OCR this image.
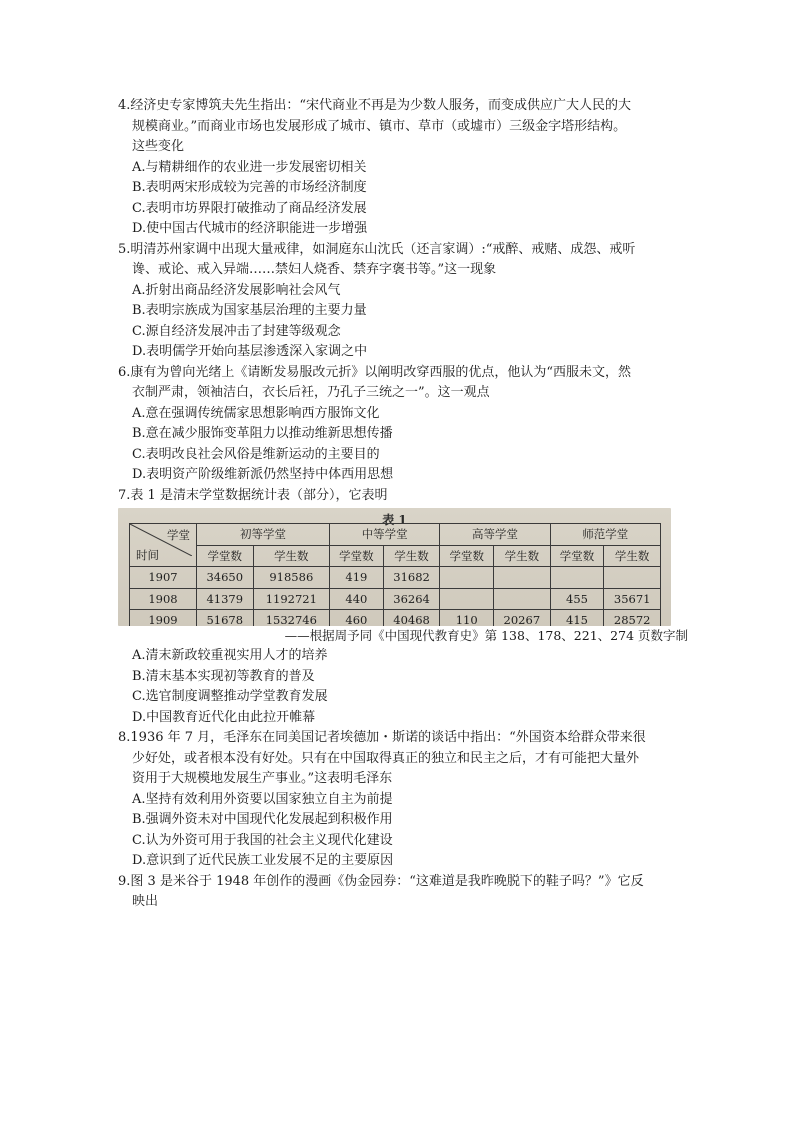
4.经济史专家博筑夫先生指出：“宋代商业不再是为少数人服务，而变成供应广大人民的大
规模商业。”而商业市场也发展形成了城市、镇市、草市（或墟市）三级金字塔形结构。
这些变化

A.与精耕细作的农业进一步发展密切相关
B.表明两宋形成较为完善的市场经济制度
C.表明市坊界限打破推动了商品经济发展
D.使中国古代城市的经济职能进一步增强

5.明清苏州家调中出现大量戒律，如洞庭东山沈氏（还言家调）:“戒醉、戒赌、成怨、戒听
谗、戒论、戒入异端……禁妇人烧香、禁弃字褒书等。”这一现象

A.折射出商品经济发展影响社会风气
B.表明宗族成为国家基层治理的主要力量
C.源自经济发展冲击了封建等级观念
D.表明儒学开始向基层渗透深入家调之中

6.康有为曾向光绪上《请断发易服改元折》以阐明改穿西服的优点，他认为“西服未文，然
衣制严肃，领袖洁白，衣长后衽，乃孔子三统之一”。这一观点

A.意在强调传统儒家思想影响西方服饰文化
B.意在减少服饰变革阻力以推动维新思想传播
C.表明改良社会风俗是维新运动的主要目的
D.表明资产阶级维新派仍然坚持中体西用思想

7.表 1 是清末学堂数据统计表（部分），它表明

表 1
学堂
时间	初等学堂		中等学堂		高等学堂		师范学堂	
	学堂数	学生数	学堂数	学生数	学堂数	学生数	学堂数	学生数
1907	34650	918586	419	31682				
1908	41379	1192721	440	36264			455	35671
1909	51678	1532746	460	40468	110	20267	415	28572
——根据周予同《中国现代教育史》第 138、178、221、274 页数字制
A.清末新政较重视实用人才的培养
B.清末基本实现初等教育的普及
C.选官制度调整推动学堂教育发展
D.中国教育近代化由此拉开帷幕

8.1936 年 7 月，毛泽东在同美国记者埃德加・斯诺的谈话中指出：“外国资本给群众带来很
少好处，或者根本没有好处。只有在中国取得真正的独立和民主之后，才有可能把大量外
资用于大规模地发展生产事业。”这表明毛泽东

A.坚持有效利用外资要以国家独立自主为前提
B.强调外资未对中国现代化发展起到积极作用
C.认为外资可用于我国的社会主义现代化建设
D.意识到了近代民族工业发展不足的主要原因

9.图 3 是米谷于 1948 年创作的漫画《伪金园券：“这难道是我昨晚脱下的鞋子吗？”》它反
映出
